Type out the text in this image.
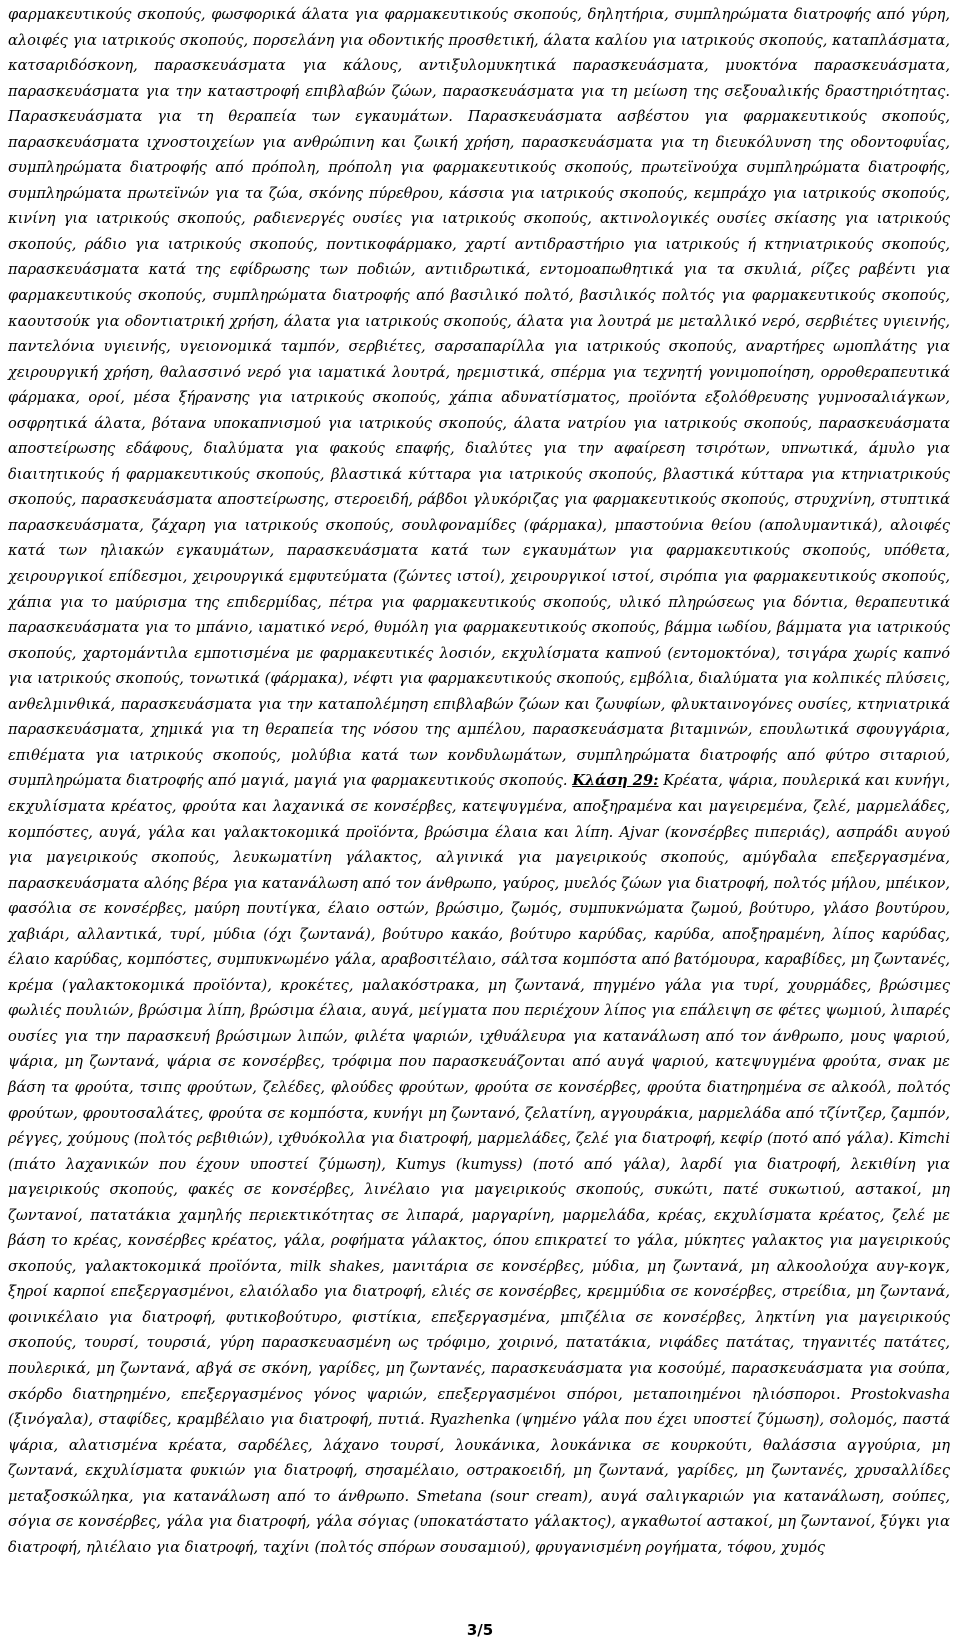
φαρμακευτικούς σκοπούς, φωσφορικά άλατα για φαρμακευτικούς σκοπούς, δηλητήρια, συμπληρώματα διατροφής από γύρη, αλοιφές για ιατρικούς σκοπούς, πορσελάνη για οδοντικής προσθετική, άλατα καλίου για ιατρικούς σκοπούς, καταπλάσματα, κατσαριδόσκονη, παρασκευάσματα για κάλους, αντιξυλομυκητικά παρασκευάσματα, μυοκτόνα παρασκευάσματα, παρασκευάσματα για την καταστροφή επιβλαβών ζώων, παρασκευάσματα για τη μείωση της σεξουαλικής δραστηριότητας. Παρασκευάσματα για τη θεραπεία των εγκαυμάτων. Παρασκευάσματα ασβέστου για φαρμακευτικούς σκοπούς, παρασκευάσματα ιχνοστοιχείων για ανθρώπινη και ζωική χρήση, παρασκευάσματα για τη διευκόλυνση της οδοντοφυΐας, συμπληρώματα διατροφής από πρόπολη, πρόπολη για φαρμακευτικούς σκοπούς, πρωτεϊνούχα συμπληρώματα διατροφής, συμπληρώματα πρωτεϊνών για τα ζώα, σκόνης πύρεθρου, κάσσια για ιατρικούς σκοπούς, κεμπράχο για ιατρικούς σκοπούς, κινίνη για ιατρικούς σκοπούς, ραδιενεργές ουσίες για ιατρικούς σκοπούς, ακτινολογικές ουσίες σκίασης για ιατρικούς σκοπούς, ράδιο για ιατρικούς σκοπούς, ποντικοφάρμακο, χαρτί αντιδραστήριο για ιατρικούς ή κτηνιατρικούς σκοπούς, παρασκευάσματα κατά της εφίδρωσης των ποδιών, αντιιδρωτικά, εντομοαπωθητικά για τα σκυλιά, ρίζες ραβέντι για φαρμακευτικούς σκοπούς, συμπληρώματα διατροφής από βασιλικό πολτό, βασιλικός πολτός για φαρμακευτικούς σκοπούς, καουτσούκ για οδοντιατρική χρήση, άλατα για ιατρικούς σκοπούς, άλατα για λουτρά με μεταλλικό νερό, σερβιέτες υγιεινής, παντελόνια υγιεινής, υγειονομικά ταμπόν, σερβιέτες, σαρσαπαρίλλα για ιατρικούς σκοπούς, αναρτήρες ωμοπλάτης για χειρουργική χρήση, θαλασσινό νερό για ιαματικά λουτρά, ηρεμιστικά, σπέρμα για τεχνητή γονιμοποίηση, ορροθεραπευτικά φάρμακα, οροί, μέσα ξήρανσης για ιατρικούς σκοπούς, χάπια αδυνατίσματος, προϊόντα εξολόθρευσης γυμνοσαλιάγκων, οσφρητικά άλατα, βότανα υποκαπνισμού για ιατρικούς σκοπούς, άλατα νατρίου για ιατρικούς σκοπούς, παρασκευάσματα αποστείρωσης εδάφους, διαλύματα για φακούς επαφής, διαλύτες για την αφαίρεση τσιρότων, υπνωτικά, άμυλο για διαιτητικούς ή φαρμακευτικούς σκοπούς, βλαστικά κύτταρα για ιατρικούς σκοπούς, βλαστικά κύτταρα για κτηνιατρικούς σκοπούς, παρασκευάσματα αποστείρωσης, στεροειδή, ράβδοι γλυκόριζας για φαρμακευτικούς σκοπούς, στρυχνίνη, στυπτικά παρασκευάσματα, ζάχαρη για ιατρικούς σκοπούς, σουλφοναμίδες (φάρμακα), μπαστούνια θείου (απολυμαντικά), αλοιφές κατά των ηλιακών εγκαυμάτων, παρασκευάσματα κατά των εγκαυμάτων για φαρμακευτικούς σκοπούς, υπόθετα, χειρουργικοί επίδεσμοι, χειρουργικά εμφυτεύματα (ζώντες ιστοί), χειρουργικοί ιστοί, σιρόπια για φαρμακευτικούς σκοπούς, χάπια για το μαύρισμα της επιδερμίδας, πέτρα για φαρμακευτικούς σκοπούς, υλικό πληρώσεως για δόντια, θεραπευτικά παρασκευάσματα για το μπάνιο, ιαματικό νερό, θυμόλη για φαρμακευτικούς σκοπούς, βάμμα ιωδίου, βάμματα για ιατρικούς σκοπούς, χαρτομάντιλα εμποτισμένα με φαρμακευτικές λοσιόν, εκχυλίσματα καπνού (εντομοκτόνα), τσιγάρα χωρίς καπνό για ιατρικούς σκοπούς, τονωτικά (φάρμακα), νέφτι για φαρμακευτικούς σκοπούς, εμβόλια, διαλύματα για κολπικές πλύσεις, ανθελμινθικά, παρασκευάσματα για την καταπολέμηση επιβλαβών ζώων και ζωυφίων, φλυκταινογόνες ουσίες, κτηνιατρικά παρασκευάσματα, χημικά για τη θεραπεία της νόσου της αμπέλου, παρασκευάσματα βιταμινών, επουλωτικά σφουγγάρια, επιθέματα για ιατρικούς σκοπούς, μολύβια κατά των κονδυλωμάτων, συμπληρώματα διατροφής από φύτρο σιταριού, συμπληρώματα διατροφής από μαγιά, μαγιά για φαρμακευτικούς σκοπούς. Κλάση 29: Κρέατα, ψάρια, πουλερικά και κυνήγι, εκχυλίσματα κρέατος, φρούτα και λαχανικά σε κονσέρβες, κατεψυγμένα, αποξηραμένα και μαγειρεμένα, ζελέ, μαρμελάδες, κομπόστες, αυγά, γάλα και γαλακτοκομικά προϊόντα, βρώσιμα έλαια και λίπη. Ajvar (κονσέρβες πιπεριάς), ασπράδι αυγού για μαγειρικούς σκοπούς, λευκωματίνη γάλακτος, αλγινικά για μαγειρικούς σκοπούς, αμύγδαλα επεξεργασμένα, παρασκευάσματα αλόης βέρα για κατανάλωση από τον άνθρωπο, γαύρος, μυελός ζώων για διατροφή, πολτός μήλου, μπέικον, φασόλια σε κονσέρβες, μαύρη πουτίγκα, έλαιο οστών, βρώσιμο, ζωμός, συμπυκνώματα ζωμού, βούτυρο, γλάσο βουτύρου, χαβιάρι, αλλαντικά, τυρί, μύδια (όχι ζωντανά), βούτυρο κακάο, βούτυρο καρύδας, καρύδα, αποξηραμένη, λίπος καρύδας, έλαιο καρύδας, κομπόστες, συμπυκνωμένο γάλα, αραβοσιτέλαιο, σάλτσα κομπόστα από βατόμουρα, καραβίδες, μη ζωντανές, κρέμα (γαλακτοκομικά προϊόντα), κροκέτες, μαλακόστρακα, μη ζωντανά, πηγμένο γάλα για τυρί, χουρμάδες, βρώσιμες φωλιές πουλιών, βρώσιμα λίπη, βρώσιμα έλαια, αυγά, μείγματα που περιέχουν λίπος για επάλειψη σε φέτες ψωμιού, λιπαρές ουσίες για την παρασκευή βρώσιμων λιπών, φιλέτα ψαριών, ιχθυάλευρα για κατανάλωση από τον άνθρωπο, μους ψαριού, ψάρια, μη ζωντανά, ψάρια σε κονσέρβες, τρόφιμα που παρασκευάζονται από αυγά ψαριού, κατεψυγμένα φρούτα, σνακ με βάση τα φρούτα, τσιπς φρούτων, ζελέδες, φλούδες φρούτων, φρούτα σε κονσέρβες, φρούτα διατηρημένα σε αλκοόλ, πολτός φρούτων, φρουτοσαλάτες, φρούτα σε κομπόστα, κυνήγι μη ζωντανό, ζελατίνη, αγγουράκια, μαρμελάδα από τζίντζερ, ζαμπόν, ρέγγες, χούμους (πολτός ρεβιθιών), ιχθυόκολλα για διατροφή, μαρμελάδες, ζελέ για διατροφή, κεφίρ (ποτό από γάλα). Kimchi (πιάτο λαχανικών που έχουν υποστεί ζύμωση), Kumys (kumyss) (ποτό από γάλα), λαρδί για διατροφή, λεκιθίνη για μαγειρικούς σκοπούς, φακές σε κονσέρβες, λινέλαιο για μαγειρικούς σκοπούς, συκώτι, πατέ συκωτιού, αστακοί, μη ζωντανοί, πατατάκια χαμηλής περιεκτικότητας σε λιπαρά, μαργαρίνη, μαρμελάδα, κρέας, εκχυλίσματα κρέατος, ζελέ με βάση το κρέας, κονσέρβες κρέατος, γάλα, ροφήματα γάλακτος, όπου επικρατεί το γάλα, μύκητες γαλακτος για μαγειρικούς σκοπούς, γαλακτοκομικά προϊόντα, milk shakes, μανιτάρια σε κονσέρβες, μύδια, μη ζωντανά, μη αλκοολούχα αυγ-κογκ, ξηροί καρποί επεξεργασμένοι, ελαιόλαδο για διατροφή, ελιές σε κονσέρβες, κρεμμύδια σε κονσέρβες, στρείδια, μη ζωντανά, φοινικέλαιο για διατροφή, φυτικοβούτυρο, φιστίκια, επεξεργασμένα, μπιζέλια σε κονσέρβες, ληκτίνη για μαγειρικούς σκοπούς, τουρσί, τουρσιά, γύρη παρασκευασμένη ως τρόφιμο, χοιρινό, πατατάκια, νιφάδες πατάτας, τηγανιτές πατάτες, πουλερικά, μη ζωντανά, αβγά σε σκόνη, γαρίδες, μη ζωντανές, παρασκευάσματα για κοσούμέ, παρασκευάσματα για σούπα, σκόρδο διατηρημένο, επεξεργασμένος γόνος ψαριών, επεξεργασμένοι σπόροι, μεταποιημένοι ηλιόσποροι. Prostokvasha (ξινόγαλα), σταφίδες, κραμβέλαιο για διατροφή, πυτιά. Ryazhenka (ψημένο γάλα που έχει υποστεί ζύμωση), σολομός, παστά ψάρια, αλατισμένα κρέατα, σαρδέλες, λάχανο τουρσί, λουκάνικα, λουκάνικα σε κουρκούτι, θαλάσσια αγγούρια, μη ζωντανά, εκχυλίσματα φυκιών για διατροφή, σησαμέλαιο, οστρακοειδή, μη ζωντανά, γαρίδες, μη ζωντανές, χρυσαλλίδες μεταξοσκώληκα, για κατανάλωση από το άνθρωπο. Smetana (sour cream), αυγά σαλιγκαριών για κατανάλωση, σούπες, σόγια σε κονσέρβες, γάλα για διατροφή, γάλα σόγιας (υποκατάστατο γάλακτος), αγκαθωτοί αστακοί, μη ζωντανοί, ξύγκι για διατροφή, ηλιέλαιο για διατροφή, ταχίνι (πολτός σπόρων σουσαμιού), φρυγανισμένη ρογήματα, τόφου, χυμός
3/5
